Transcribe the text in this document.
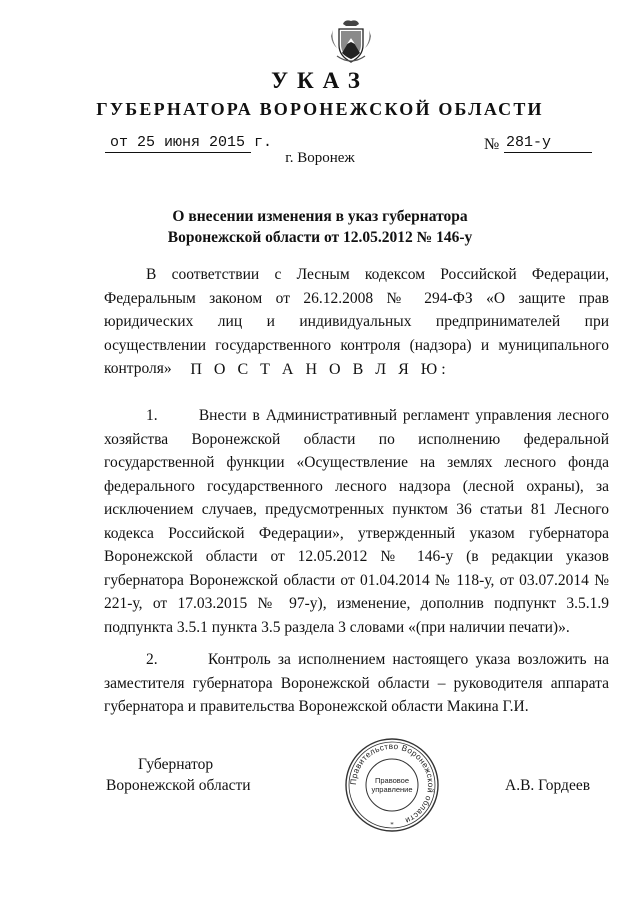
УКАЗ
ГУБЕРНАТОРА ВОРОНЕЖСКОЙ ОБЛАСТИ
от 25 июня 2015 г.	№ 281-у
г. Воронеж
О внесении изменения в указ губернатора
Воронежской области от 12.05.2012 № 146-у
В соответствии с Лесным кодексом Российской Федерации, Федеральным законом от 26.12.2008 № 294-ФЗ «О защите прав юридических лиц и индивидуальных предпринимателей при осуществлении государственного контроля (надзора) и муниципального контроля»	П О С Т А Н О В Л Я Ю:
1.	Внести в Административный регламент управления лесного хозяйства Воронежской области по исполнению федеральной государственной функции «Осуществление на землях лесного фонда федерального государственного лесного надзора (лесной охраны), за исключением случаев, предусмотренных пунктом 36 статьи 81 Лесного кодекса Российской Федерации», утвержденный указом губернатора Воронежской области от 12.05.2012 № 146-у (в редакции указов губернатора Воронежской области от 01.04.2014 № 118-у, от 03.07.2014 № 221-у, от 17.03.2015 № 97-у), изменение, дополнив подпункт 3.5.1.9 подпункта 3.5.1 пункта 3.5 раздела 3 словами «(при наличии печати)».
2.	Контроль за исполнением настоящего указа возложить на заместителя губернатора Воронежской области – руководителя аппарата губернатора и правительства Воронежской области Макина Г.И.
Губернатор
Воронежской области	Правительство Воронежской области
Правовое
управление
*
А.В. Гордеев
